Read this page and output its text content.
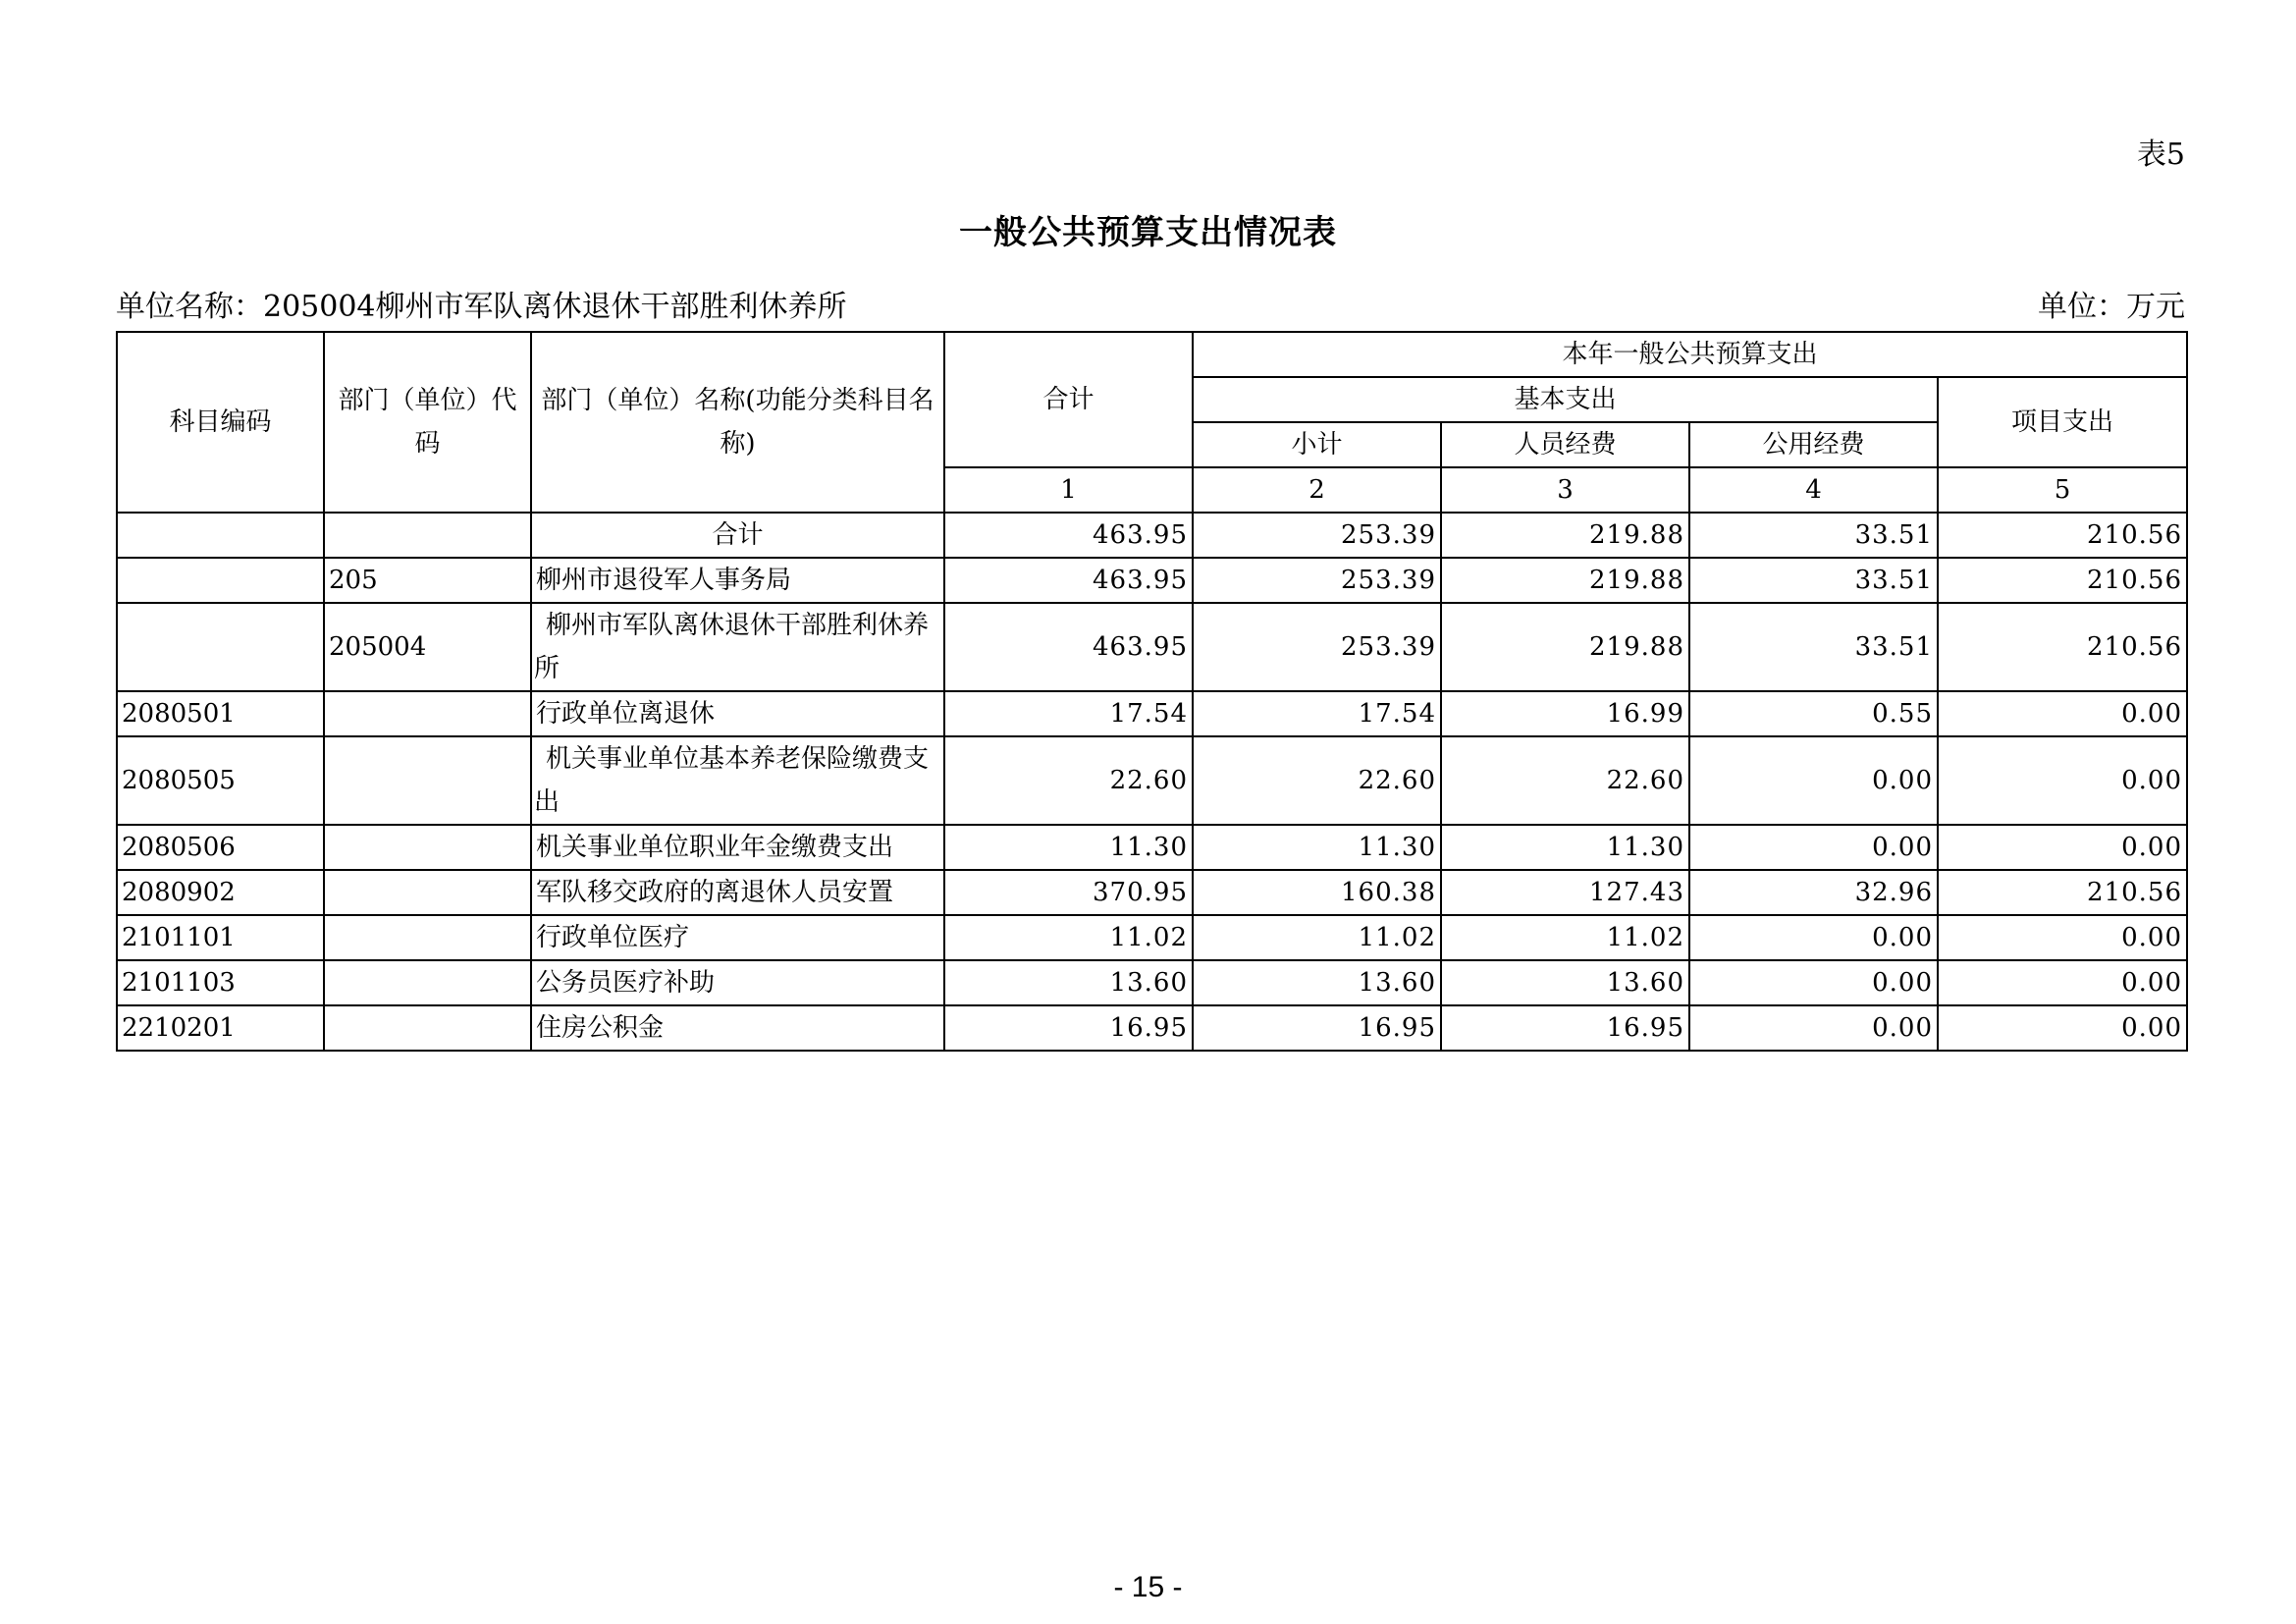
表5
一般公共预算支出情况表
单位名称：205004柳州市军队离休退休干部胜利休养所	单位：万元
科目编码	部门（单位）代码	部门（单位）名称(功能分类科目名称)	合计	本年一般公共预算支出			
				基本支出			项目支出
				小计	人员经费	公用经费	
			1	2	3	4	5
		合计	463.95	253.39	219.88	33.51	210.56
	205	柳州市退役军人事务局	463.95	253.39	219.88	33.51	210.56
	205004	柳州市军队离休退休干部胜利休养所	463.95	253.39	219.88	33.51	210.56
2080501		行政单位离退休	17.54	17.54	16.99	0.55	0.00
2080505		机关事业单位基本养老保险缴费支出	22.60	22.60	22.60	0.00	0.00
2080506		机关事业单位职业年金缴费支出	11.30	11.30	11.30	0.00	0.00
2080902		军队移交政府的离退休人员安置	370.95	160.38	127.43	32.96	210.56
2101101		行政单位医疗	11.02	11.02	11.02	0.00	0.00
2101103		公务员医疗补助	13.60	13.60	13.60	0.00	0.00
2210201		住房公积金	16.95	16.95	16.95	0.00	0.00
- 15 -
